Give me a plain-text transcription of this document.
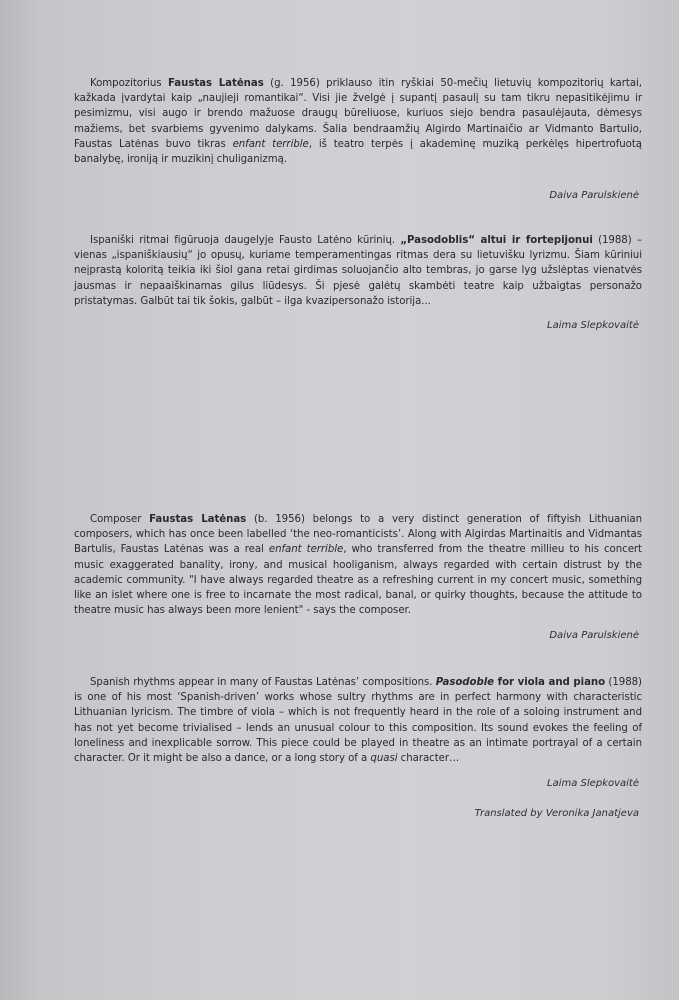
Kompozitorius Faustas Latėnas (g. 1956) priklauso itin ryškiai 50-mečių lietuvių kompozitorių kartai, kažkada įvardytai kaip „naujieji romantikai“. Visi jie žvelgė į supantį pasaulį su tam tikru nepasitikėjimu ir pesimizmu, visi augo ir brendo mažuose draugų būreliuose, kuriuos siejo bendra pasaulėjauta, dėmesys mažiems, bet svarbiems gyvenimo dalykams. Šalia bendraamžių Algirdo Martinaičio ar Vidmanto Bartulio, Faustas Latėnas buvo tikras enfant terrible, iš teatro terpės į akademinę muziką perkėlęs hipertrofuotą banalybę, ironiją ir muzikinį chuliganizmą.

Daiva Parulskienė

Ispaniški ritmai figūruoja daugelyje Fausto Latėno kūrinių. „Pasodoblis“ altui ir fortepijonui (1988) – vienas „ispaniškiausių“ jo opusų, kuriame temperamentingas ritmas dera su lietuvišku lyrizmu. Šiam kūriniui neįprastą koloritą teikia iki šiol gana retai girdimas soluojančio alto tembras, jo garse lyg užslėptas vienatvės jausmas ir nepaaiškinamas gilus liūdesys. Ši pjesė galėtų skambėti teatre kaip užbaigtas personažo pristatymas. Galbūt tai tik šokis, galbūt – ilga kvazipersonažo istorija...

Laima Slepkovaitė

Composer Faustas Latėnas (b. 1956) belongs to a very distinct generation of fiftyish Lithuanian composers, which has once been labelled ‘the neo-romanticists’. Along with Algirdas Martinaitis and Vidmantas Bartulis, Faustas Latėnas was a real enfant terrible, who transferred from the theatre millieu to his concert music exaggerated banality, irony, and musical hooliganism, always regarded with certain distrust by the academic community. "I have always regarded theatre as a refreshing current in my concert music, something like an islet where one is free to incarnate the most radical, banal, or quirky thoughts, because the attitude to theatre music has always been more lenient" - says the composer.

Daiva Parulskienė

Spanish rhythms appear in many of Faustas Latėnas’ compositions. Pasodoble for viola and piano (1988) is one of his most ‘Spanish-driven’ works whose sultry rhythms are in perfect harmony with characteristic Lithuanian lyricism. The timbre of viola – which is not frequently heard in the role of a soloing instrument and has not yet become trivialised – lends an unusual colour to this composition. Its sound evokes the feeling of loneliness and inexplicable sorrow. This piece could be played in theatre as an intimate portrayal of a certain character. Or it might be also a dance, or a long story of a quasi character…

Laima Slepkovaitė
Translated by Veronika Janatjeva
